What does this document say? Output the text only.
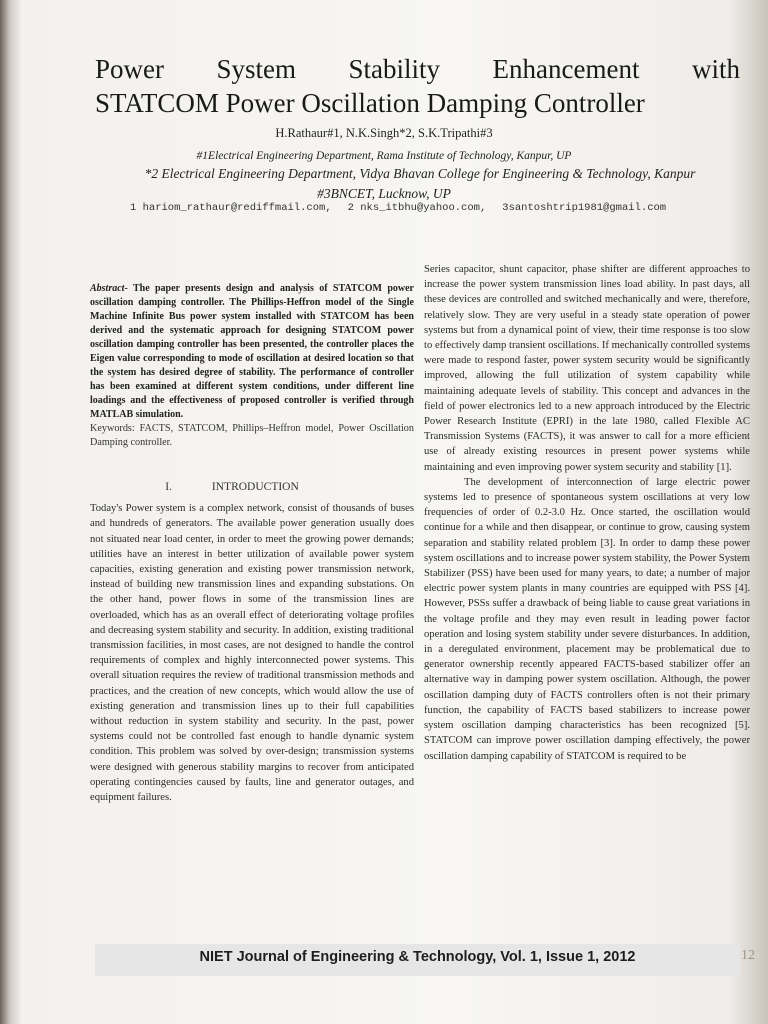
Power System Stability Enhancement with
STATCOM Power Oscillation Damping Controller
H.Rathaur#1, N.K.Singh*2, S.K.Tripathi#3
#1Electrical Engineering Department, Rama Institute of Technology, Kanpur, UP
*2 Electrical Engineering Department, Vidya Bhavan College for Engineering & Technology, Kanpur
#3BNCET, Lucknow, UP
1 hariom_rathaur@rediffmail.com, 2 nks_itbhu@yahoo.com, 3santoshtrip1981@gmail.com

Abstract- The paper presents design and analysis of STATCOM power oscillation damping controller. The Phillips-Heffron model of the Single Machine Infinite Bus power system installed with STATCOM has been derived and the systematic approach for designing STATCOM power oscillation damping controller has been presented, the controller places the Eigen value corresponding to mode of oscillation at desired location so that the system has desired degree of stability. The performance of controller has been examined at different system conditions, under different line loadings and the effectiveness of proposed controller is verified through MATLAB simulation.

Keywords: FACTS, STATCOM, Phillips–Heffron model, Power Oscillation Damping controller.

I.	INTRODUCTION

Today's Power system is a complex network, consist of thousands of buses and hundreds of generators. The available power generation usually does not situated near load center, in order to meet the growing power demands; utilities have an interest in better utilization of available power system capacities, existing generation and existing power transmission network, instead of building new transmission lines and expanding substations. On the other hand, power flows in some of the transmission lines are overloaded, which has as an overall effect of deteriorating voltage profiles and decreasing system stability and security. In addition, existing traditional transmission facilities, in most cases, are not designed to handle the control requirements of complex and highly interconnected power systems. This overall situation requires the review of traditional transmission methods and practices, and the creation of new concepts, which would allow the use of existing generation and transmission lines up to their full capabilities without reduction in system stability and security. In the past, power systems could not be controlled fast enough to handle dynamic system condition. This problem was solved by over-design; transmission systems were designed with generous stability margins to recover from anticipated operating contingencies caused by faults, line and generator outages, and equipment failures.

Series capacitor, shunt capacitor, phase shifter are different approaches to increase the power system transmission lines load ability. In past days, all these devices are controlled and switched mechanically and were, therefore, relatively slow. They are very useful in a steady state operation of power systems but from a dynamical point of view, their time response is too slow to effectively damp transient oscillations. If mechanically controlled systems were made to respond faster, power system security would be significantly improved, allowing the full utilization of system capability while maintaining adequate levels of stability. This concept and advances in the field of power electronics led to a new approach introduced by the Electric Power Research Institute (EPRI) in the late 1980, called Flexible AC Transmission Systems (FACTS), it was answer to call for a more efficient use of already existing resources in present power systems while maintaining and even improving power system security and stability [1].

The development of interconnection of large electric power systems led to presence of spontaneous system oscillations at very low frequencies of order of 0.2-3.0 Hz. Once started, the oscillation would continue for a while and then disappear, or continue to grow, causing system separation and stability related problem [3]. In order to damp these power system oscillations and to increase power system stability, the Power System Stabilizer (PSS) have been used for many years, to date; a number of major electric power system plants in many countries are equipped with PSS [4]. However, PSSs suffer a drawback of being liable to cause great variations in the voltage profile and they may even result in leading power factor operation and losing system stability under severe disturbances. In addition, in a deregulated environment, placement may be problematical due to generator ownership recently appeared FACTS-based stabilizer offer an alternative way in damping power system oscillation. Although, the power oscillation damping duty of FACTS controllers often is not their primary function, the capability of FACTS based stabilizers to increase power system oscillation damping characteristics has been recognized [5]. STATCOM can improve power oscillation damping effectively, the power oscillation damping capability of STATCOM is required to be

NIET Journal of Engineering & Technology, Vol. 1, Issue 1, 2012	12
